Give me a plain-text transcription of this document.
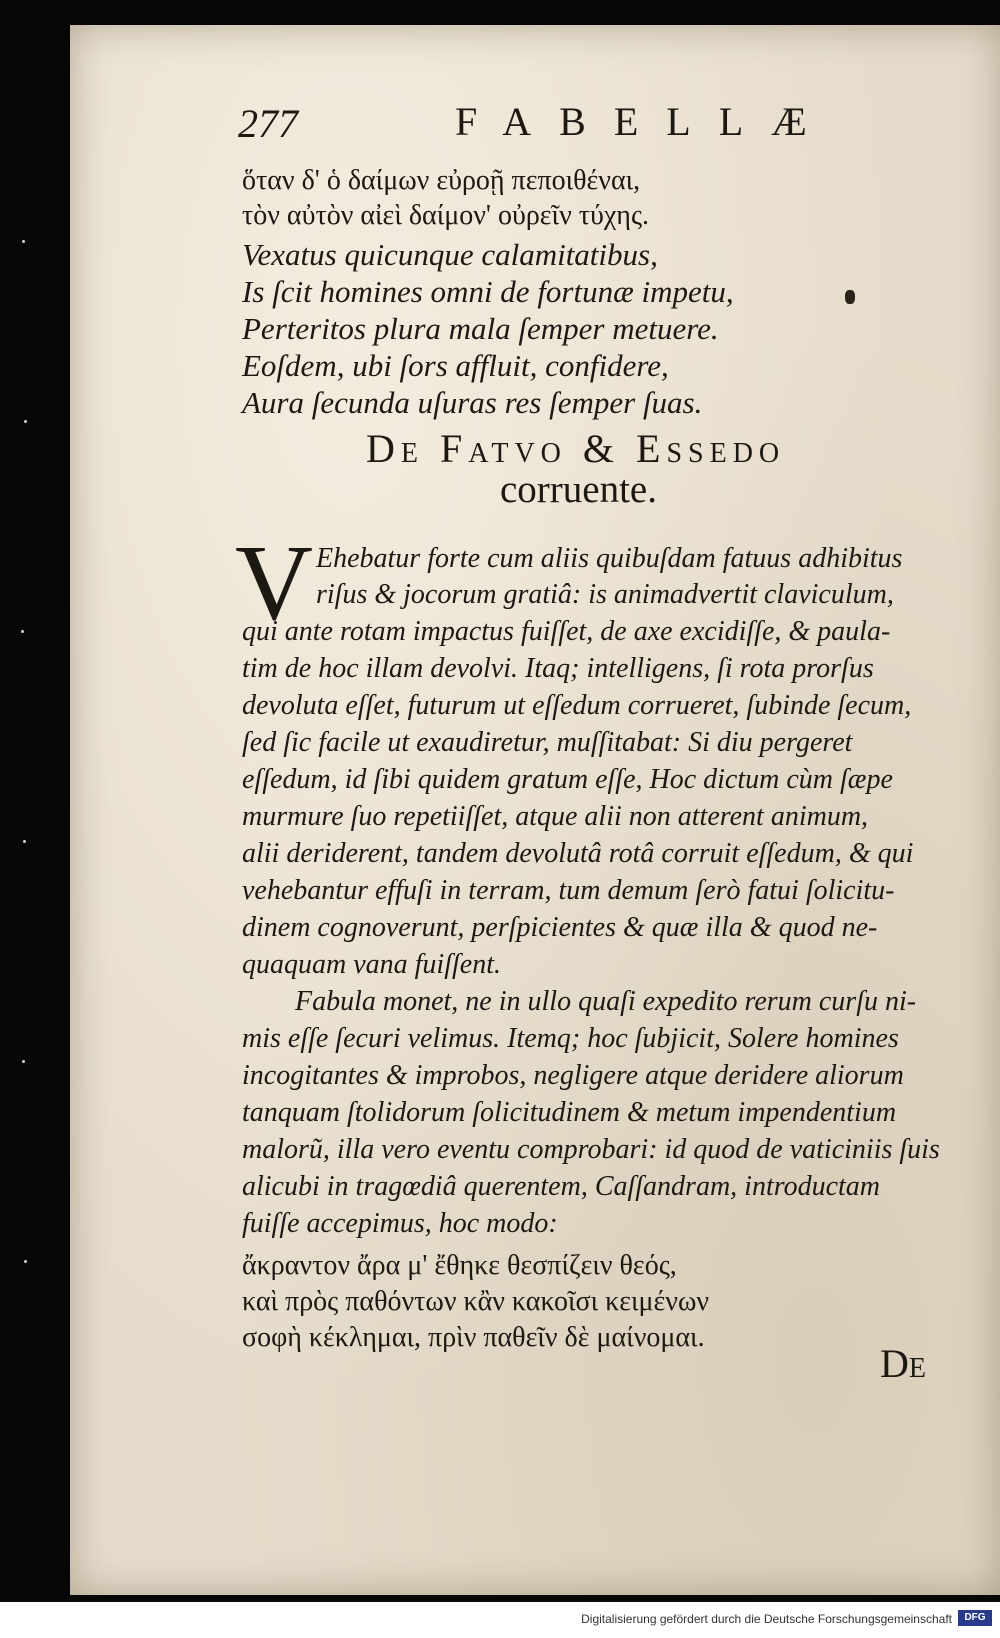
277	FABELLÆ
ὅταν δ' ὁ δαίμων εὐροῇ πεποιθέναι,
τὸν αὐτὸν αἰεὶ δαίμον' οὐρεῖν τύχης.
Vexatus quicunque calamitatibus,
Is ſcit homines omni de fortunæ impetu,
Perteritos plura mala ſemper metuere.
Eoſdem, ubi ſors affluit, confidere,
Aura ſecunda uſuras res ſemper ſuas.
De Fatvo & Essedo
corruente.
V Ehebatur forte cum aliis quibuſdam fatuus adhibitus
riſus & jocorum gratiâ: is animadvertit claviculum,
qui ante rotam impactus fuiſſet, de axe excidiſſe, & paula-
tim de hoc illam devolvi. Itaq; intelligens, ſi rota prorſus
devoluta eſſet, futurum ut eſſedum corrueret, ſubinde ſecum,
ſed ſic facile ut exaudiretur, muſſitabat: Si diu pergeret
eſſedum, id ſibi quidem gratum eſſe, Hoc dictum cùm ſæpe
murmure ſuo repetiiſſet, atque alii non atterent animum,
alii deriderent, tandem devolutâ rotâ corruit eſſedum, & qui
vehebantur effuſi in terram, tum demum ſerò fatui ſolicitu-
dinem cognoverunt, perſpicientes & quæ illa & quod ne-
quaquam vana fuiſſent.
Fabula monet, ne in ullo quaſi expedito rerum curſu ni-
mis eſſe ſecuri velimus. Itemq; hoc ſubjicit, Solere homines
incogitantes & improbos, negligere atque deridere aliorum
tanquam ſtolidorum ſolicitudinem & metum impendentium
malorũ, illa vero eventu comprobari: id quod de vaticiniis ſuis
alicubi in tragœdiâ querentem, Caſſandram, introductam
fuiſſe accepimus, hoc modo:
ἄκραντον ἄρα μ' ἔθηκε θεσπίζειν θεός,
καὶ πρὸς παθόντων κἂν κακοῖσι κειμένων
σοφὴ κέκλημαι, πρὶν παθεῖν δὲ μαίνομαι.
De
Digitalisierung gefördert durch die Deutsche Forschungsgemeinschaft	DFG
